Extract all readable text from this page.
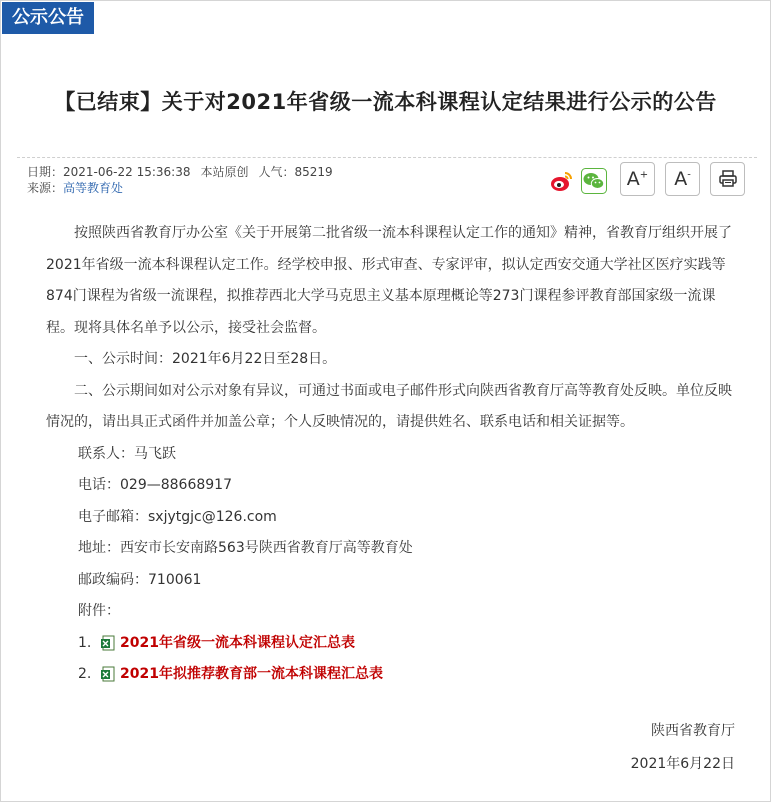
公示公告
【已结束】关于对2021年省级一流本科课程认定结果进行公示的公告
日期：2021-06-22 15:36:38 本站原创 人气：85219
来源：高等教育处	A+	A-

按照陕西省教育厅办公室《关于开展第二批省级一流本科课程认定工作的通知》精神，省教育厅组织开展了2021年省级一流本科课程认定工作。经学校申报、形式审查、专家评审，拟认定西安交通大学社区医疗实践等874门课程为省级一流课程，拟推荐西北大学马克思主义基本原理概论等273门课程参评教育部国家级一流课程。现将具体名单予以公示，接受社会监督。

一、公示时间：2021年6月22日至28日。

二、公示期间如对公示对象有异议，可通过书面或电子邮件形式向陕西省教育厅高等教育处反映。单位反映情况的，请出具正式函件并加盖公章；个人反映情况的，请提供姓名、联系电话和相关证据等。

联系人：马飞跃

电话：029—88668917

电子邮箱：sxjytgjc@126.com

地址：西安市长安南路563号陕西省教育厅高等教育处

邮政编码：710061

附件：

1. 2021年省级一流本科课程认定汇总表

2. 2021年拟推荐教育部一流本科课程汇总表

陕西省教育厅
2021年6月22日
